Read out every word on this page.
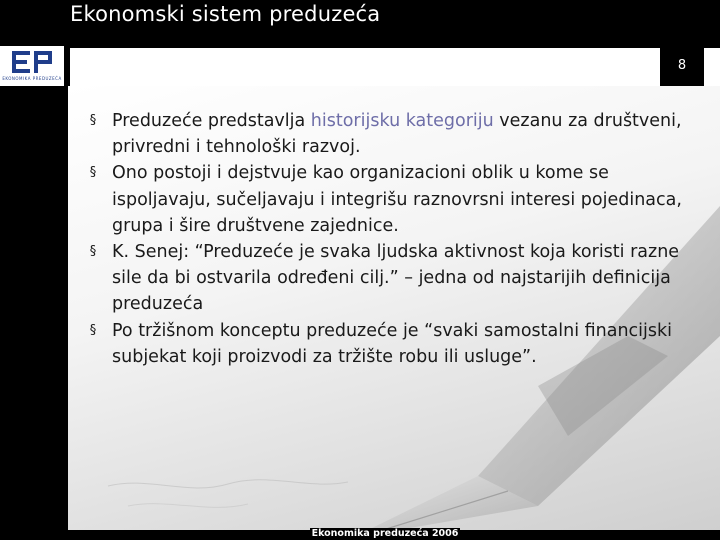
Ekonomski sistem preduzeća
EKONOMIKA PREDUZEĆA
8
§ Preduzeće predstavlja historijsku kategoriju vezanu za društveni, privredni i tehnološki razvoj.
§ Ono postoji i dejstvuje kao organizacioni oblik u kome se ispoljavaju, sučeljavaju i integrišu raznovrsni interesi pojedinaca, grupa i šire društvene zajednice.
§ K. Senej: “Preduzeće je svaka ljudska aktivnost koja koristi razne sile da bi ostvarila određeni cilj.” – jedna od najstarijih definicija preduzeća
§ Po tržišnom konceptu preduzeće je “svaki samostalni financijski subjekat koji proizvodi za tržište robu ili usluge”.
Ekonomika preduzeća 2006
